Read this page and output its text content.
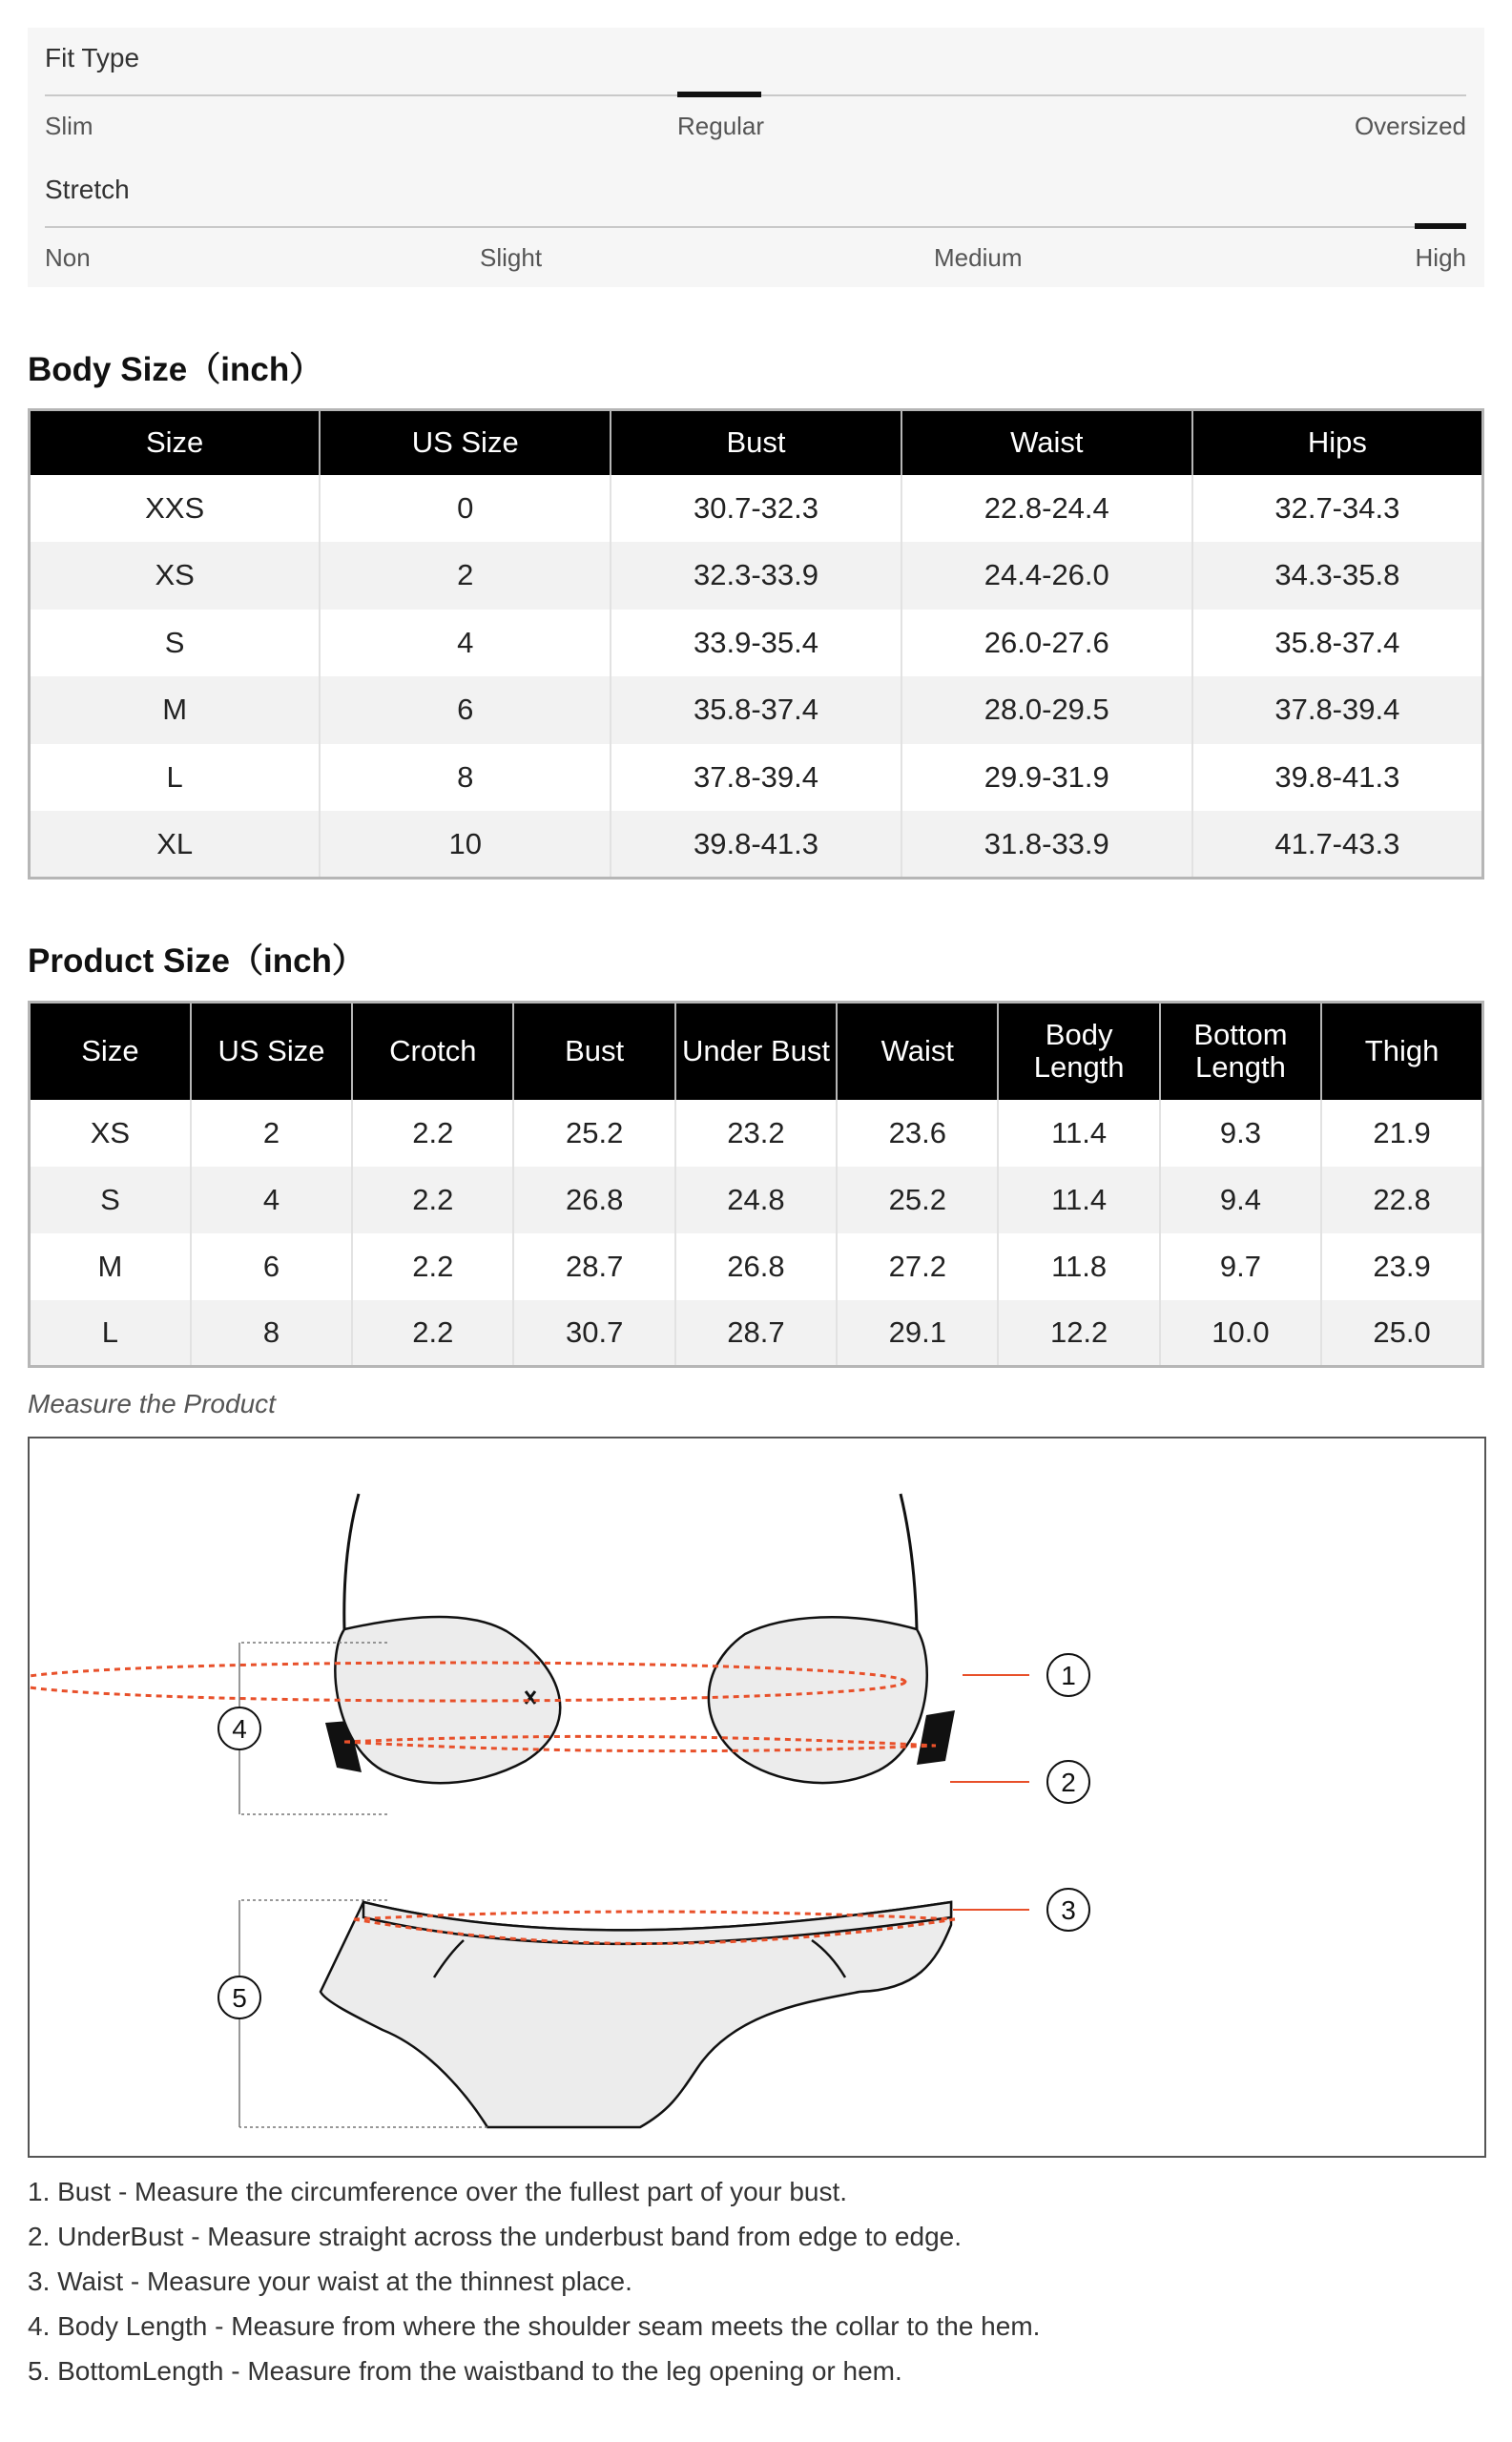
Fit Type
Slim	Regular	Oversized
Stretch
Non	Slight	Medium	High
Body Size（inch）
Size	US Size	Bust	Waist	Hips
XXS	0	30.7-32.3	22.8-24.4	32.7-34.3
XS	2	32.3-33.9	24.4-26.0	34.3-35.8
S	4	33.9-35.4	26.0-27.6	35.8-37.4
M	6	35.8-37.4	28.0-29.5	37.8-39.4
L	8	37.8-39.4	29.9-31.9	39.8-41.3
XL	10	39.8-41.3	31.8-33.9	41.7-43.3
Product Size（inch）
Size	US Size	Crotch	Bust	Under Bust	Waist	Body Length	Bottom Length	Thigh
XS	2	2.2	25.2	23.2	23.6	11.4	9.3	21.9
S	4	2.2	26.8	24.8	25.2	11.4	9.4	22.8
M	6	2.2	28.7	26.8	27.2	11.8	9.7	23.9
L	8	2.2	30.7	28.7	29.1	12.2	10.0	25.0
Measure the Product
1
2
3
4
5
1. Bust - Measure the circumference over the fullest part of your bust.
2. UnderBust - Measure straight across the underbust band from edge to edge.
3. Waist - Measure your waist at the thinnest place.
4. Body Length - Measure from where the shoulder seam meets the collar to the hem.
5. BottomLength - Measure from the waistband to the leg opening or hem.
